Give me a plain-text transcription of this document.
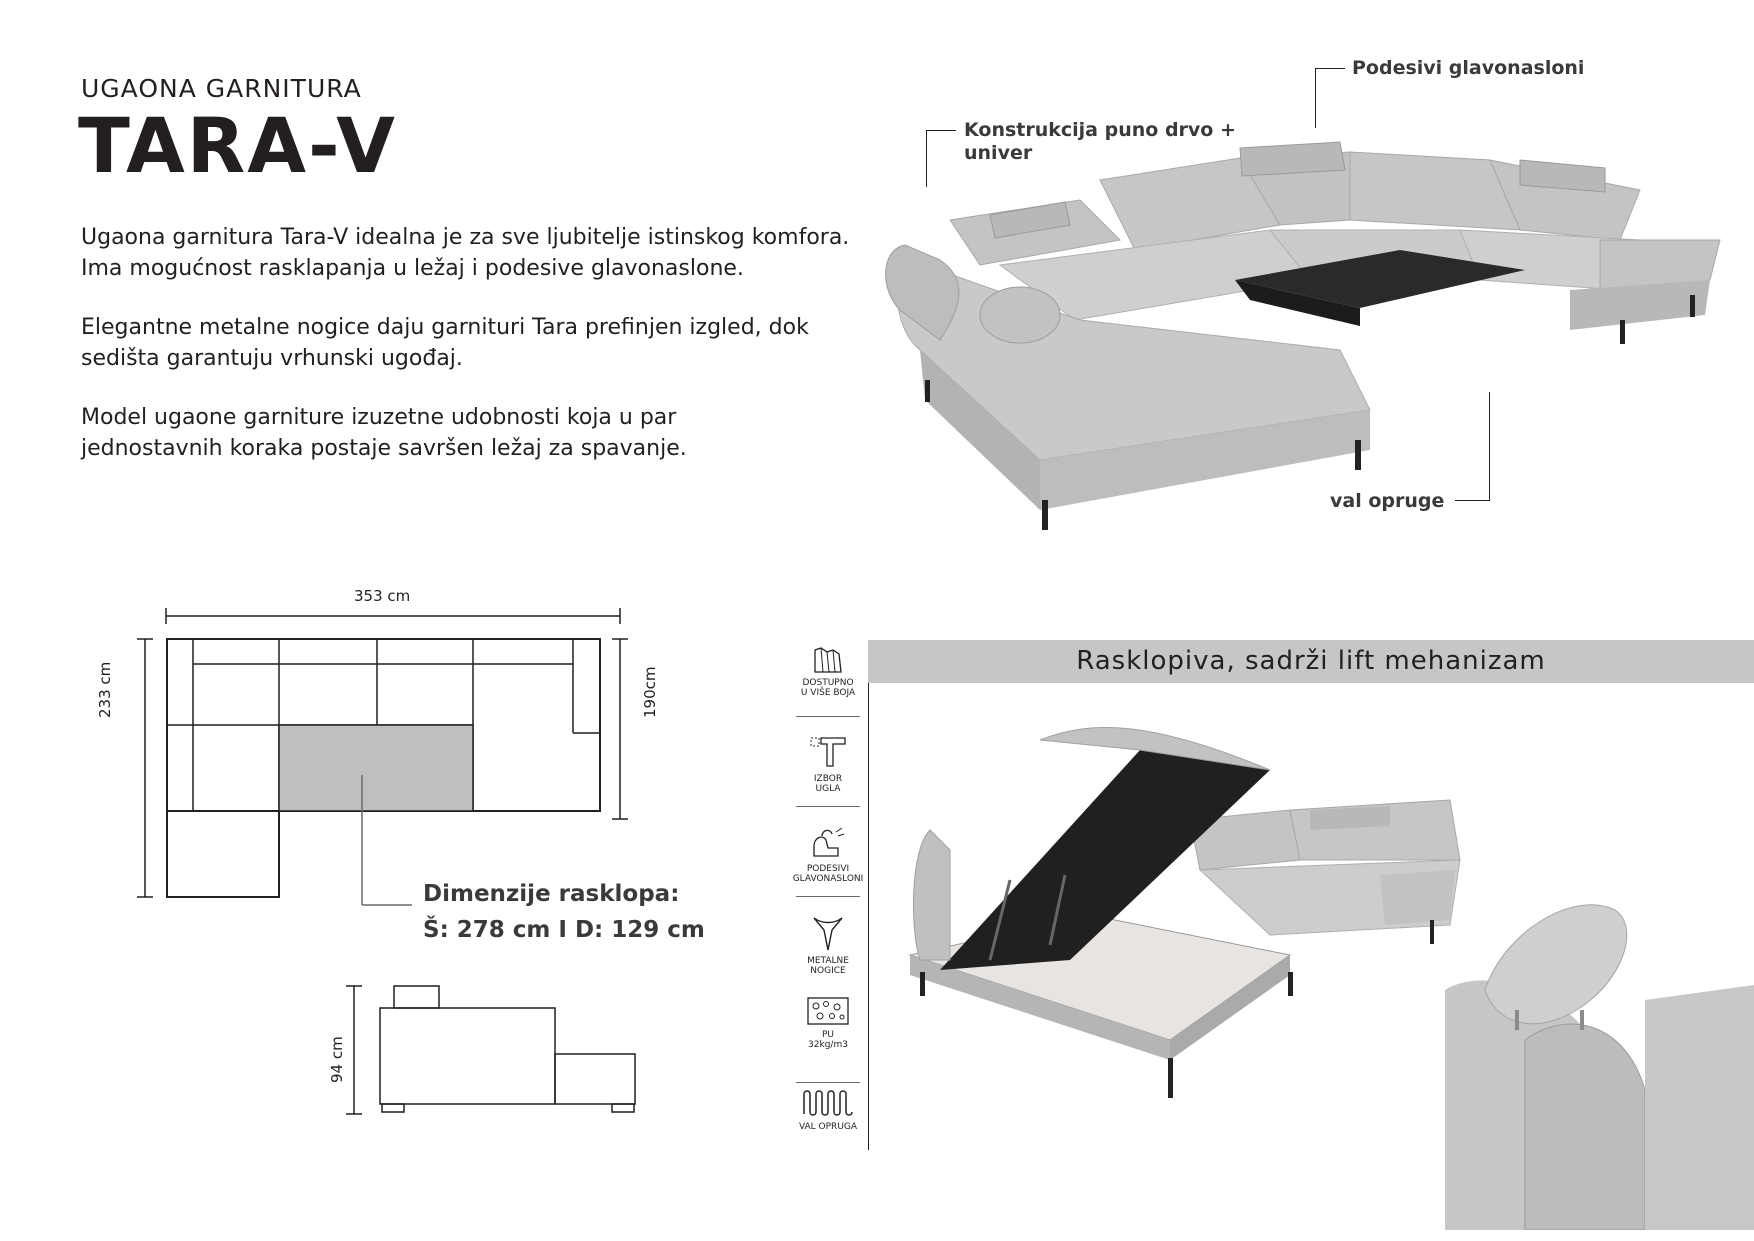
UGAONA GARNITURA
TARA-V
Ugaona garnitura Tara-V idealna je za sve ljubitelje istinskog komfora.
Ima mogućnost rasklapanja u ležaj i podesive glavonaslone.
Elegantne metalne nogice daju garnituri Tara prefinjen izgled, dok
sedišta garantuju vrhunski ugođaj.
Model ugaone garniture izuzetne udobnosti koja u par
jednostavnih koraka postaje savršen ležaj za spavanje.
Podesivi glavonasloni
Konstrukcija puno drvo +
univer
val opruge
353 cm
233 cm	190cm
Dimenzije rasklopa:
Š: 278 cm I D: 129 cm
94 cm
DOSTUPNO
U VIŠE BOJA
IZBOR
UGLA
PODESIVI
GLAVONASLONI
METALNE
NOGICE
PU
32kg/m3
VAL OPRUGA
Rasklopiva, sadrži lift mehanizam
